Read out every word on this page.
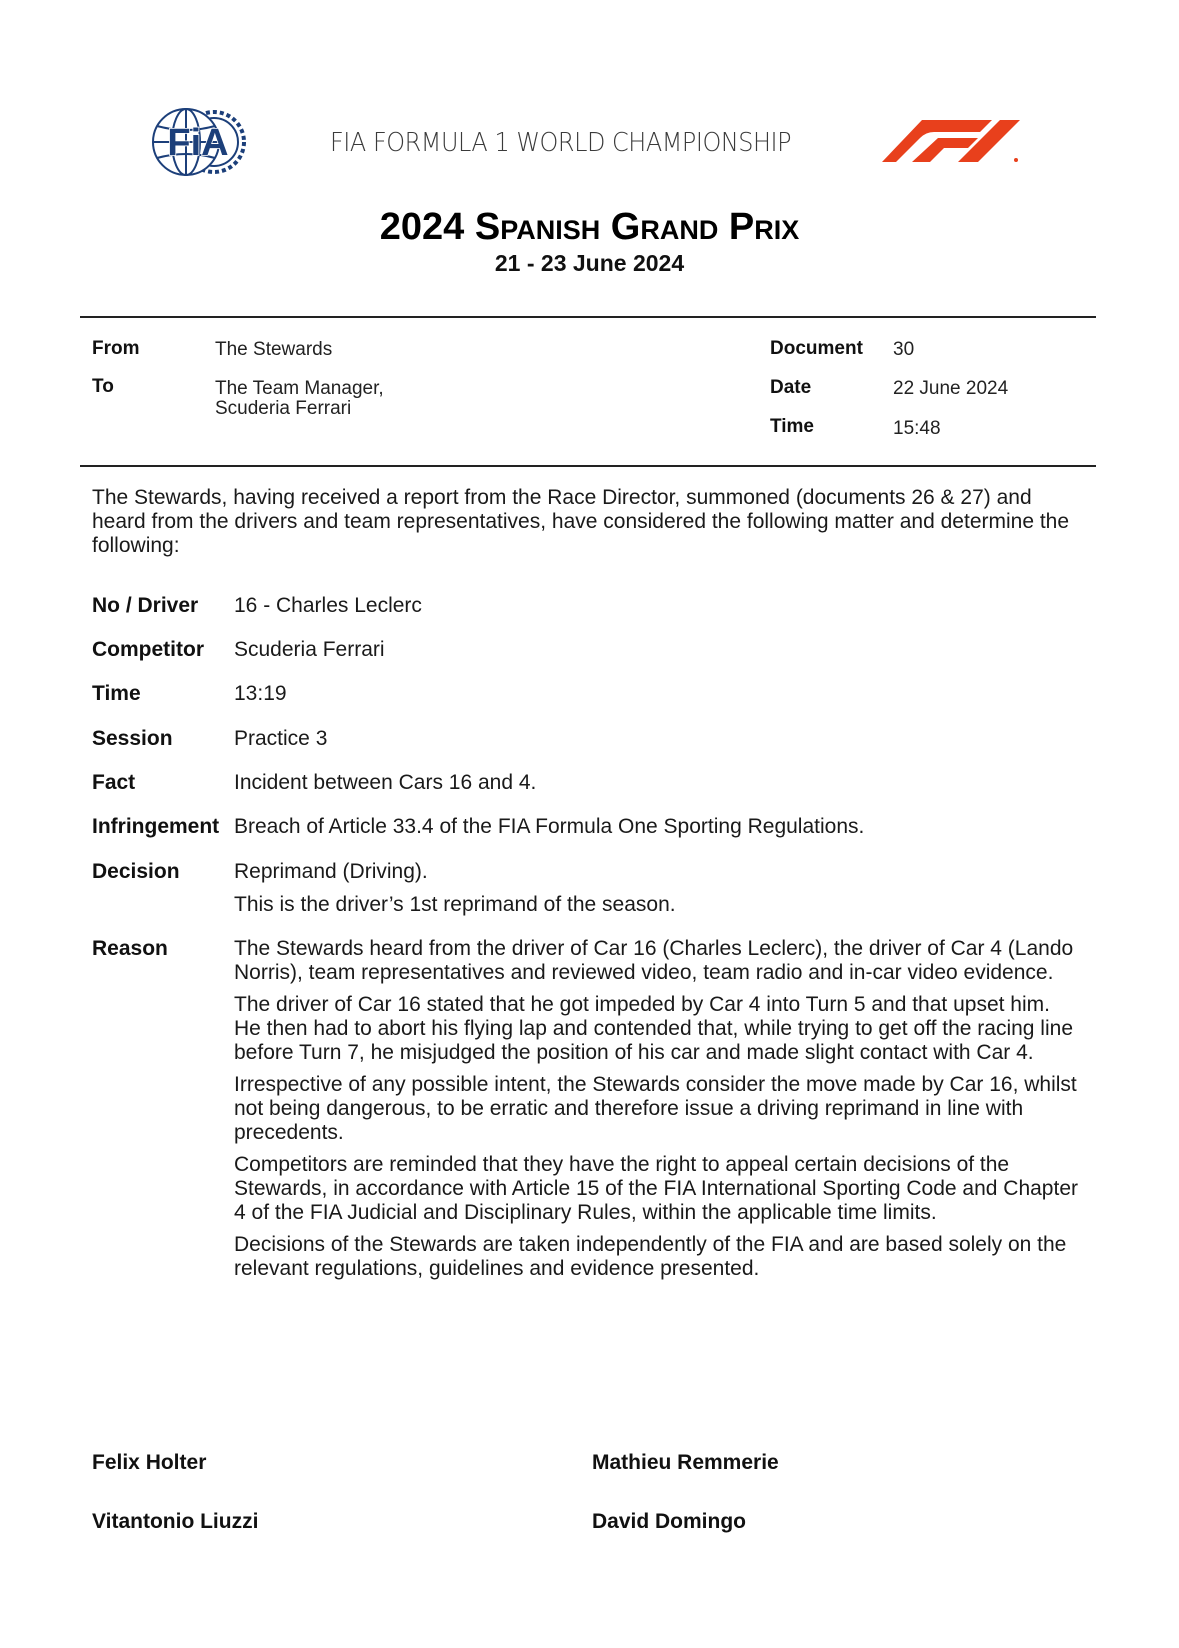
FiA	FIA FORMULA 1 WORLD CHAMPIONSHIP
2024 Spanish Grand Prix
21 - 23 June 2024
From	The Stewards
To	The Team Manager,
Scuderia Ferrari
Document 30
Date	22 June 2024
Time	15:48
The Stewards, having received a report from the Race Director, summoned (documents 26 & 27) and heard from the drivers and team representatives, have considered the following matter and determine the following:
No / Driver 16 - Charles Leclerc
Competitor Scuderia Ferrari
Time	13:19
Session	Practice 3
Fact	Incident between Cars 16 and 4.
Infringement Breach of Article 33.4 of the FIA Formula One Sporting Regulations.
Decision	Reprimand (Driving).
This is the driver’s 1st reprimand of the season.
Reason	The Stewards heard from the driver of Car 16 (Charles Leclerc), the driver of Car 4 (Lando Norris), team representatives and reviewed video, team radio and in-car video evidence.

The driver of Car 16 stated that he got impeded by Car 4 into Turn 5 and that upset him. He then had to abort his flying lap and contended that, while trying to get off the racing line before Turn 7, he misjudged the position of his car and made slight contact with Car 4.

Irrespective of any possible intent, the Stewards consider the move made by Car 16, whilst not being dangerous, to be erratic and therefore issue a driving reprimand in line with precedents.

Competitors are reminded that they have the right to appeal certain decisions of the Stewards, in accordance with Article 15 of the FIA International Sporting Code and Chapter 4 of the FIA Judicial and Disciplinary Rules, within the applicable time limits.

Decisions of the Stewards are taken independently of the FIA and are based solely on the relevant regulations, guidelines and evidence presented.

Felix Holter	Mathieu Remmerie
Vitantonio Liuzzi	David Domingo
